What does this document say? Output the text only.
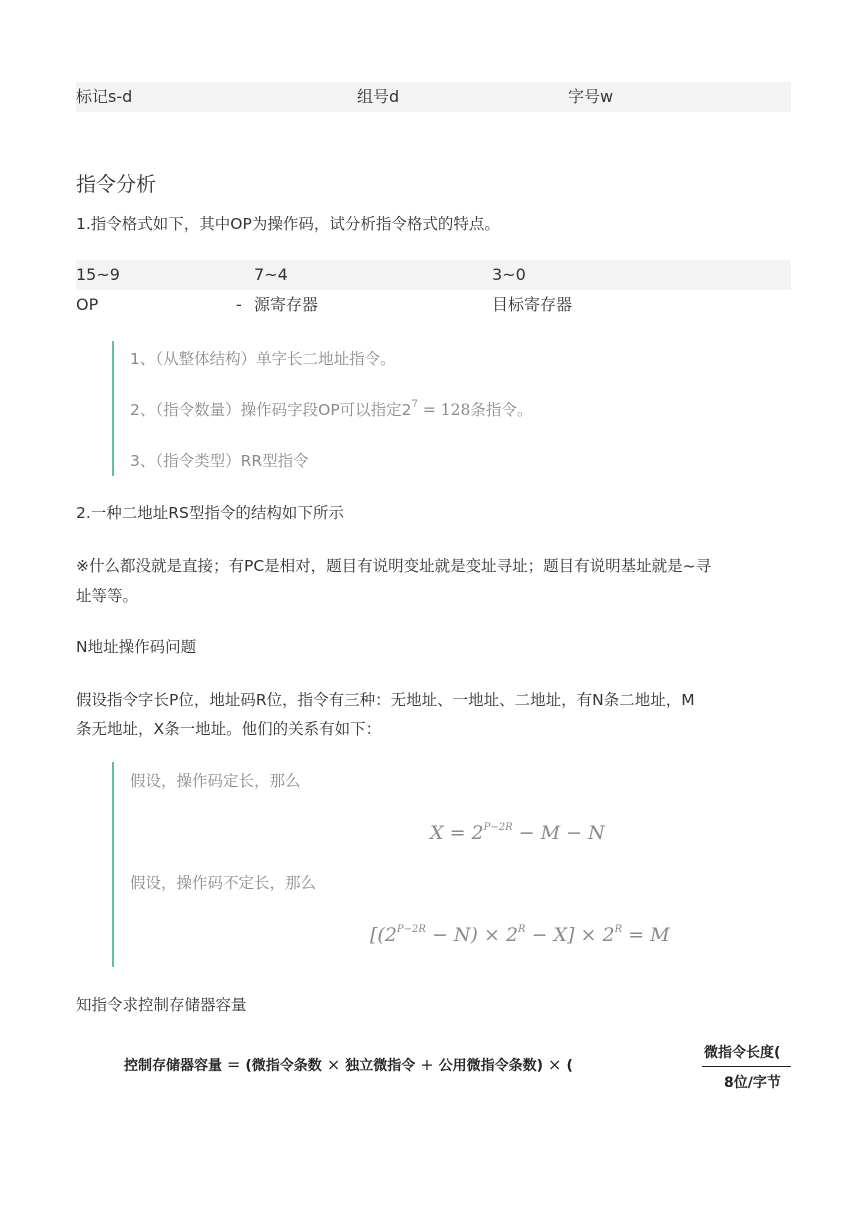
标记s-d	组号d	字号w
指令分析
1.指令格式如下，其中OP为操作码，试分析指令格式的特点。
15~9	7~4	3~0
OP	- 源寄存器	目标寄存器
1、（从整体结构）单字长二地址指令。
2、（指令数量）操作码字段OP可以指定$2^7 = 128$条指令。
3、（指令类型）RR型指令
2.一种二地址RS型指令的结构如下所示
※什么都没就是直接；有PC是相对，题目有说明变址就是变址寻址；题目有说明基址就是~寻
址等等。
N地址操作码问题
假设指令字长P位，地址码R位，指令有三种：无地址、一地址、二地址，有N条二地址，M
条无地址，X条一地址。他们的关系有如下：
假设，操作码定长，那么
$X = 2^{P-2R} - M - N$
假设，操作码不定长，那么
$[(2^{P-2R} - N) \times 2^R - X] \times 2^R = M$
知指令求控制存储器容量
控制存储器容量 = (微指令条数 × 独立微指令 + 公用微指令条数) × (
微指令长度(
8位/字节
